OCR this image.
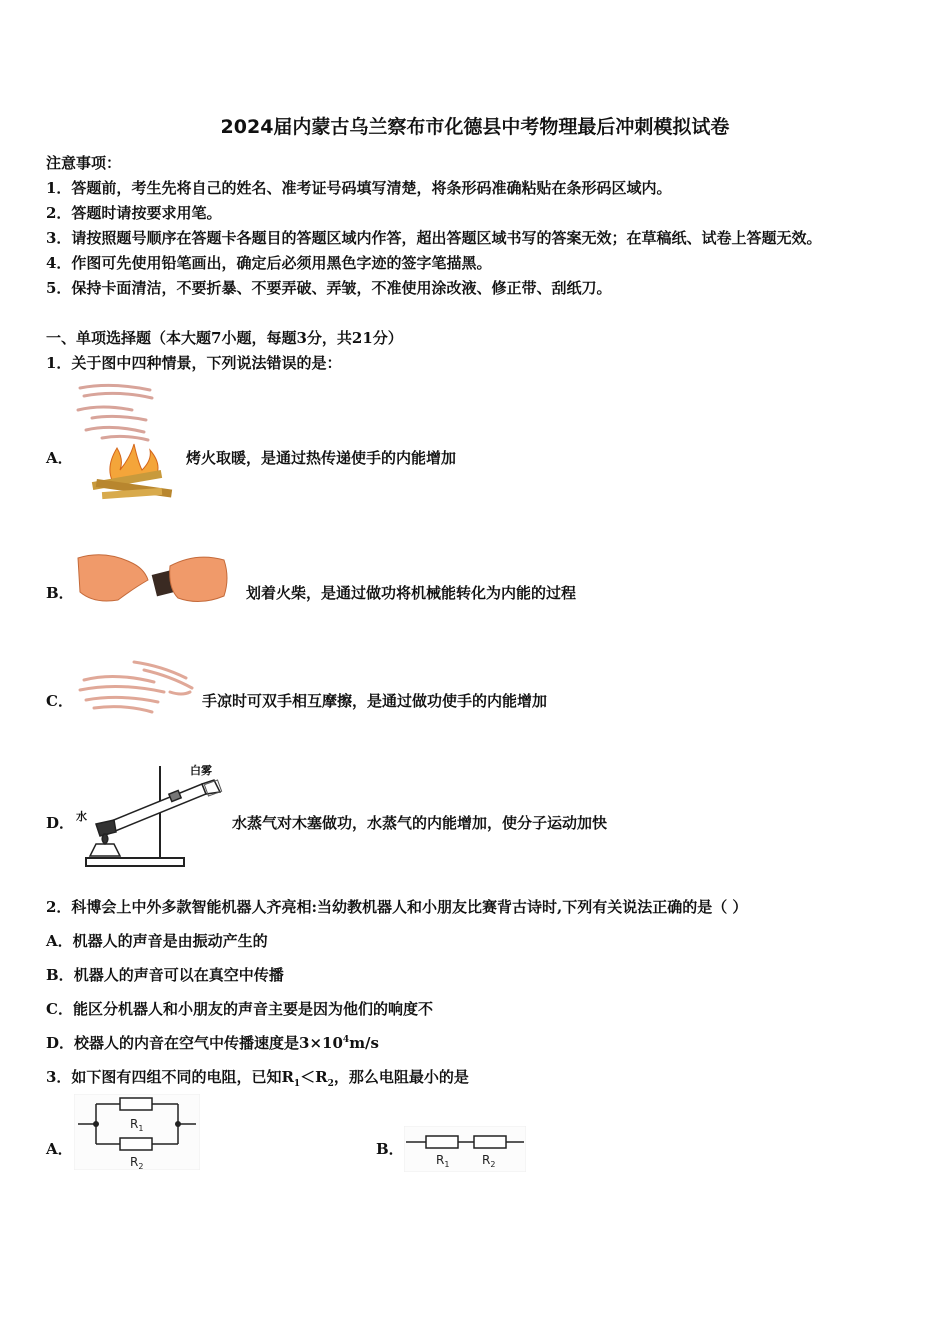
2024届内蒙古乌兰察布市化德县中考物理最后冲刺模拟试卷
注意事项：
1．答题前，考生先将自己的姓名、准考证号码填写清楚，将条形码准确粘贴在条形码区域内。
2．答题时请按要求用笔。
3．请按照题号顺序在答题卡各题目的答题区域内作答，超出答题区域书写的答案无效；在草稿纸、试卷上答题无效。
4．作图可先使用铅笔画出，确定后必须用黑色字迹的签字笔描黑。
5．保持卡面清洁，不要折暴、不要弄破、弄皱，不准使用涂改液、修正带、刮纸刀。
一、单项选择题（本大题7小题，每题3分，共21分）
1．关于图中四种情景，下列说法错误的是：
A．	烤火取暖，是通过热传递使手的内能增加
B．	划着火柴，是通过做功将机械能转化为内能的过程
C．	手凉时可双手相互摩擦，是通过做功使手的内能增加
D．
白雾
水	水蒸气对木塞做功，水蒸气的内能增加，使分子运动加快
2．科博会上中外多款智能机器人齐亮相:当幼教机器人和小朋友比赛背古诗时,下列有关说法正确的是（ ）
A．机器人的声音是由振动产生的
B．机器人的声音可以在真空中传播
C．能区分机器人和小朋友的声音主要是因为他们的响度不
D．校器人的内音在空气中传播速度是$3\times 10^4m/s$
3．如下图有四组不同的电阻，已知$R_1<R_2$，那么电阻最小的是
A．
$R_1$
$R_2$
B．
$R_1$	$R_2$
